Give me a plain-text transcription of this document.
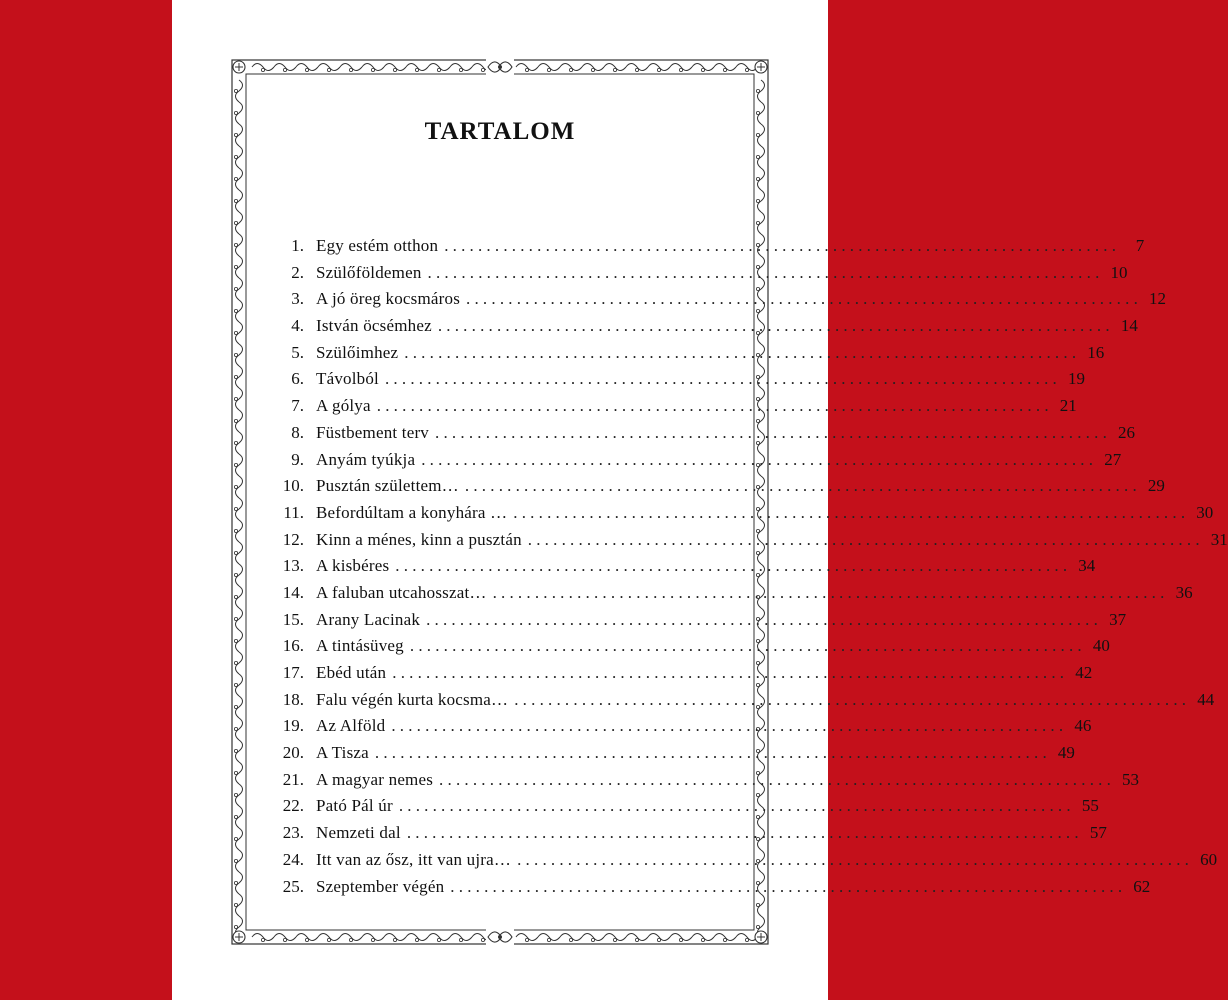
TARTALOM
1. Egy estém otthon ................................................................................ 7
2. Szülőföldemen ................................................................................ 10
3. A jó öreg kocsmáros ................................................................................ 12
4. István öcsémhez ................................................................................ 14
5. Szülőimhez ................................................................................ 16
6. Távolból ................................................................................ 19
7. A gólya ................................................................................ 21
8. Füstbement terv ................................................................................ 26
9. Anyám tyúkja ................................................................................ 27
10. Pusztán születtem… ................................................................................ 29
11. Befordúltam a konyhára … ................................................................................ 30
12. Kinn a ménes, kinn a pusztán ................................................................................ 31
13. A kisbéres ................................................................................ 34
14. A faluban utcahosszat… ................................................................................ 36
15. Arany Lacinak ................................................................................ 37
16. A tintásüveg ................................................................................ 40
17. Ebéd után ................................................................................ 42
18. Falu végén kurta kocsma… ................................................................................ 44
19. Az Alföld ................................................................................ 46
20. A Tisza ................................................................................ 49
21. A magyar nemes ................................................................................ 53
22. Pató Pál úr ................................................................................ 55
23. Nemzeti dal ................................................................................ 57
24. Itt van az ősz, itt van ujra… ................................................................................ 60
25. Szeptember végén ................................................................................ 62
